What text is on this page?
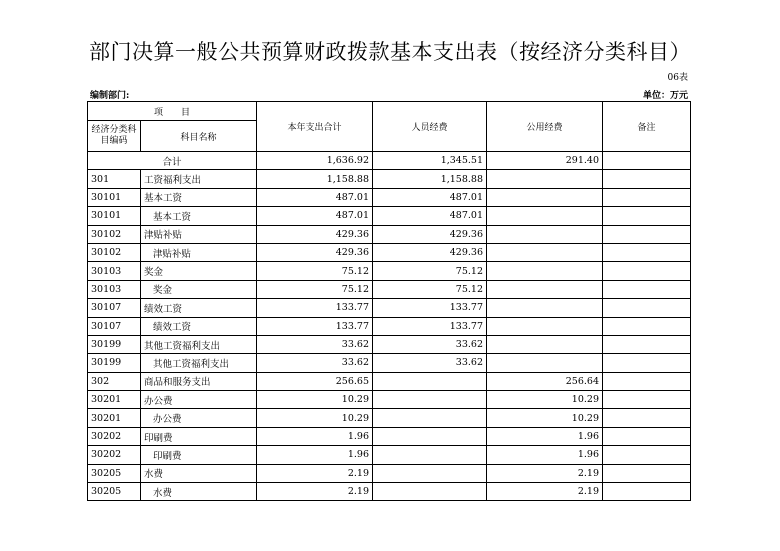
部门决算一般公共预算财政拨款基本支出表（按经济分类科目）
06表
编制部门:	单位：万元
项　　目		本年支出合计	人员经费	公用经费	备注
经济分类科目编码	科目名称				
合计		1,636.92	1,345.51	291.40	
301	工资福利支出	1,158.88	1,158.88		
30101	基本工资	487.01	487.01		
30101	基本工资	487.01	487.01		
30102	津贴补贴	429.36	429.36		
30102	津贴补贴	429.36	429.36		
30103	奖金	75.12	75.12		
30103	奖金	75.12	75.12		
30107	绩效工资	133.77	133.77		
30107	绩效工资	133.77	133.77		
30199	其他工资福利支出	33.62	33.62		
30199	其他工资福利支出	33.62	33.62		
302	商品和服务支出	256.65		256.64	
30201	办公费	10.29		10.29	
30201	办公费	10.29		10.29	
30202	印刷费	1.96		1.96	
30202	印刷费	1.96		1.96	
30205	水费	2.19		2.19	
30205	水费	2.19		2.19	
